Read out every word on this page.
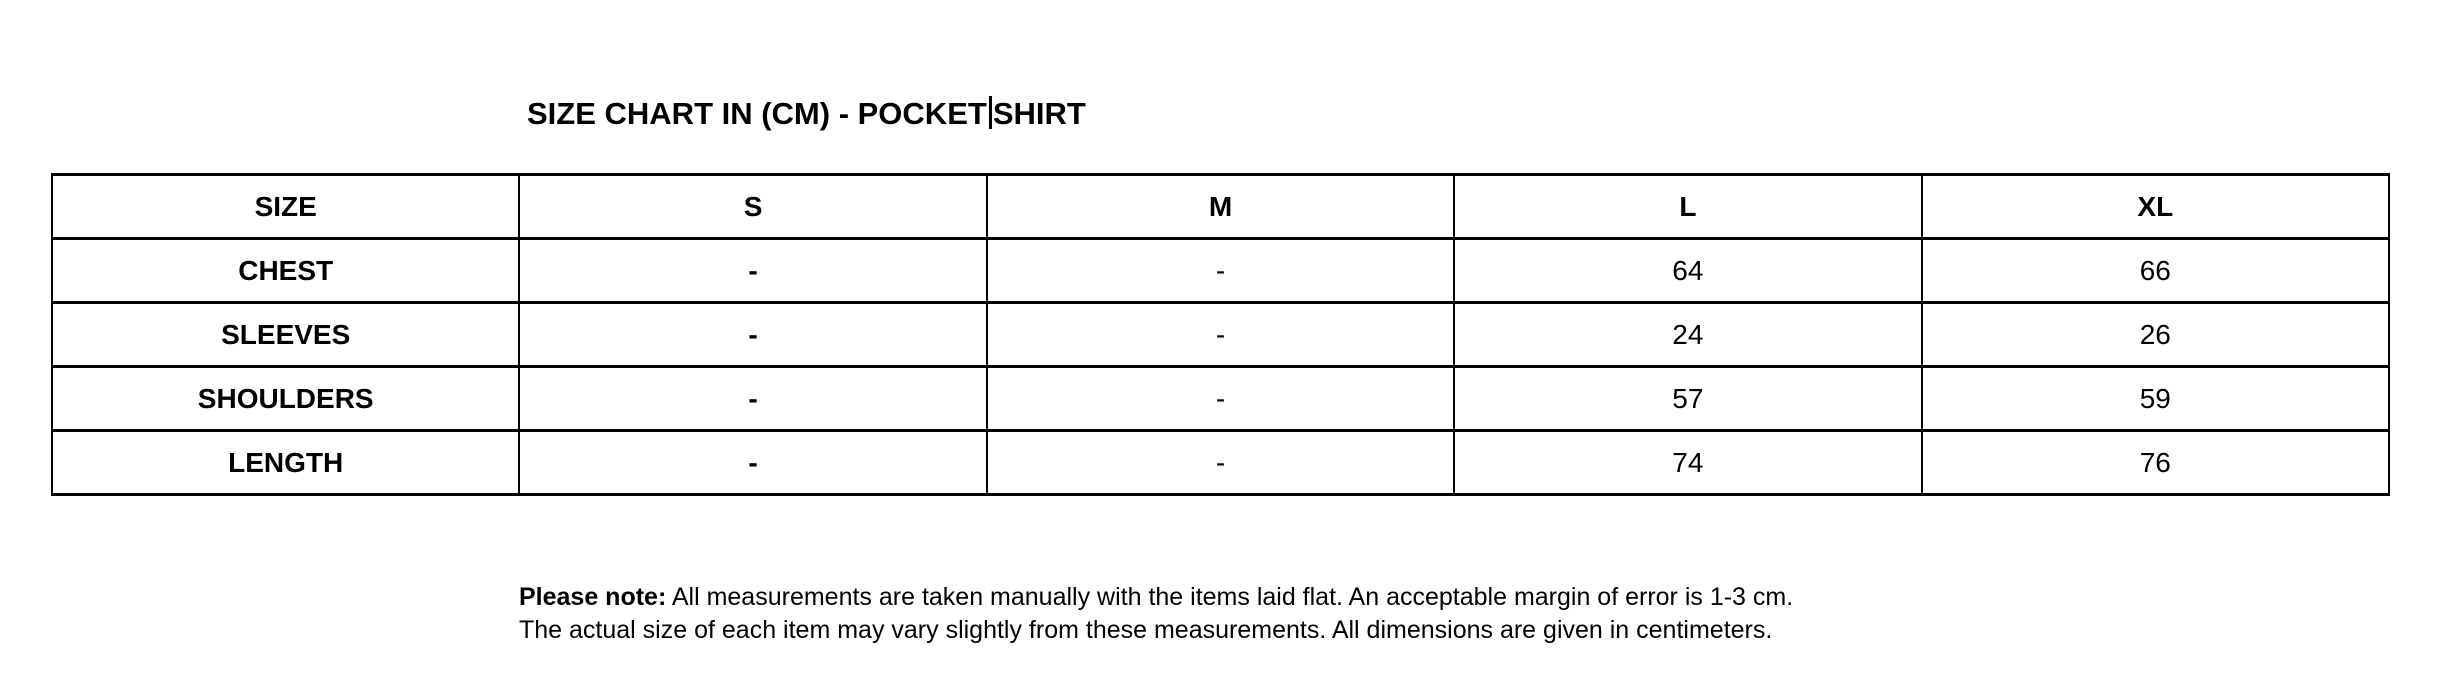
SIZE CHART IN (CM) - POCKET SHIRT
SIZE	S	M	L	XL
CHEST	-	-	64	66
SLEEVES	-	-	24	26
SHOULDERS	-	-	57	59
LENGTH	-	-	74	76

Please note: All measurements are taken manually with the items laid flat. An acceptable margin of error is 1-3 cm.
The actual size of each item may vary slightly from these measurements. All dimensions are given in centimeters.
